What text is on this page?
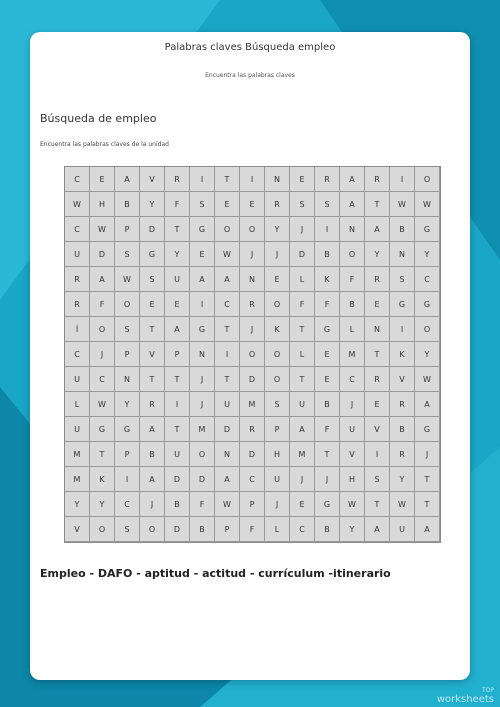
Palabras claves Búsqueda empleo
Encuentra las palabras claves
Búsqueda de empleo
Encuentra las palabras claves de la unidad
C	E	A	V	R	I	T	I	N	E	R	A	R	I	O
W	H	B	Y	F	S	E	E	R	S	S	A	T	W	W
C	W	P	D	T	G	O	O	Y	J	I	N	A	B	G
U	D	S	G	Y	E	W	J	J	D	B	O	Y	N	Y
R	A	W	S	U	A	A	N	E	L	K	F	R	S	C
R	F	O	E	E	I	C	R	O	F	F	B	E	G	G
Í	O	S	T	A	G	T	J	K	T	G	L	N	I	O
C	J	P	V	P	N	I	O	O	L	E	M	T	K	Y
U	C	N	T	T	J	T	D	O	T	E	C	R	V	W
L	W	Y	R	I	J	U	M	S	U	B	J	E	R	A
U	G	G	A	T	M	D	R	P	A	F	U	V	B	G
M	T	P	B	U	O	N	D	H	M	T	V	I	R	J
M	K	I	A	D	D	A	C	U	J	J	H	S	Y	T
Y	Y	C	J	B	F	W	P	J	E	G	W	T	W	T
V	O	S	O	D	B	P	F	L	C	B	Y	A	U	A
Empleo - DAFO - aptitud - actitud - currículum -itinerario
TOP
worksheets
